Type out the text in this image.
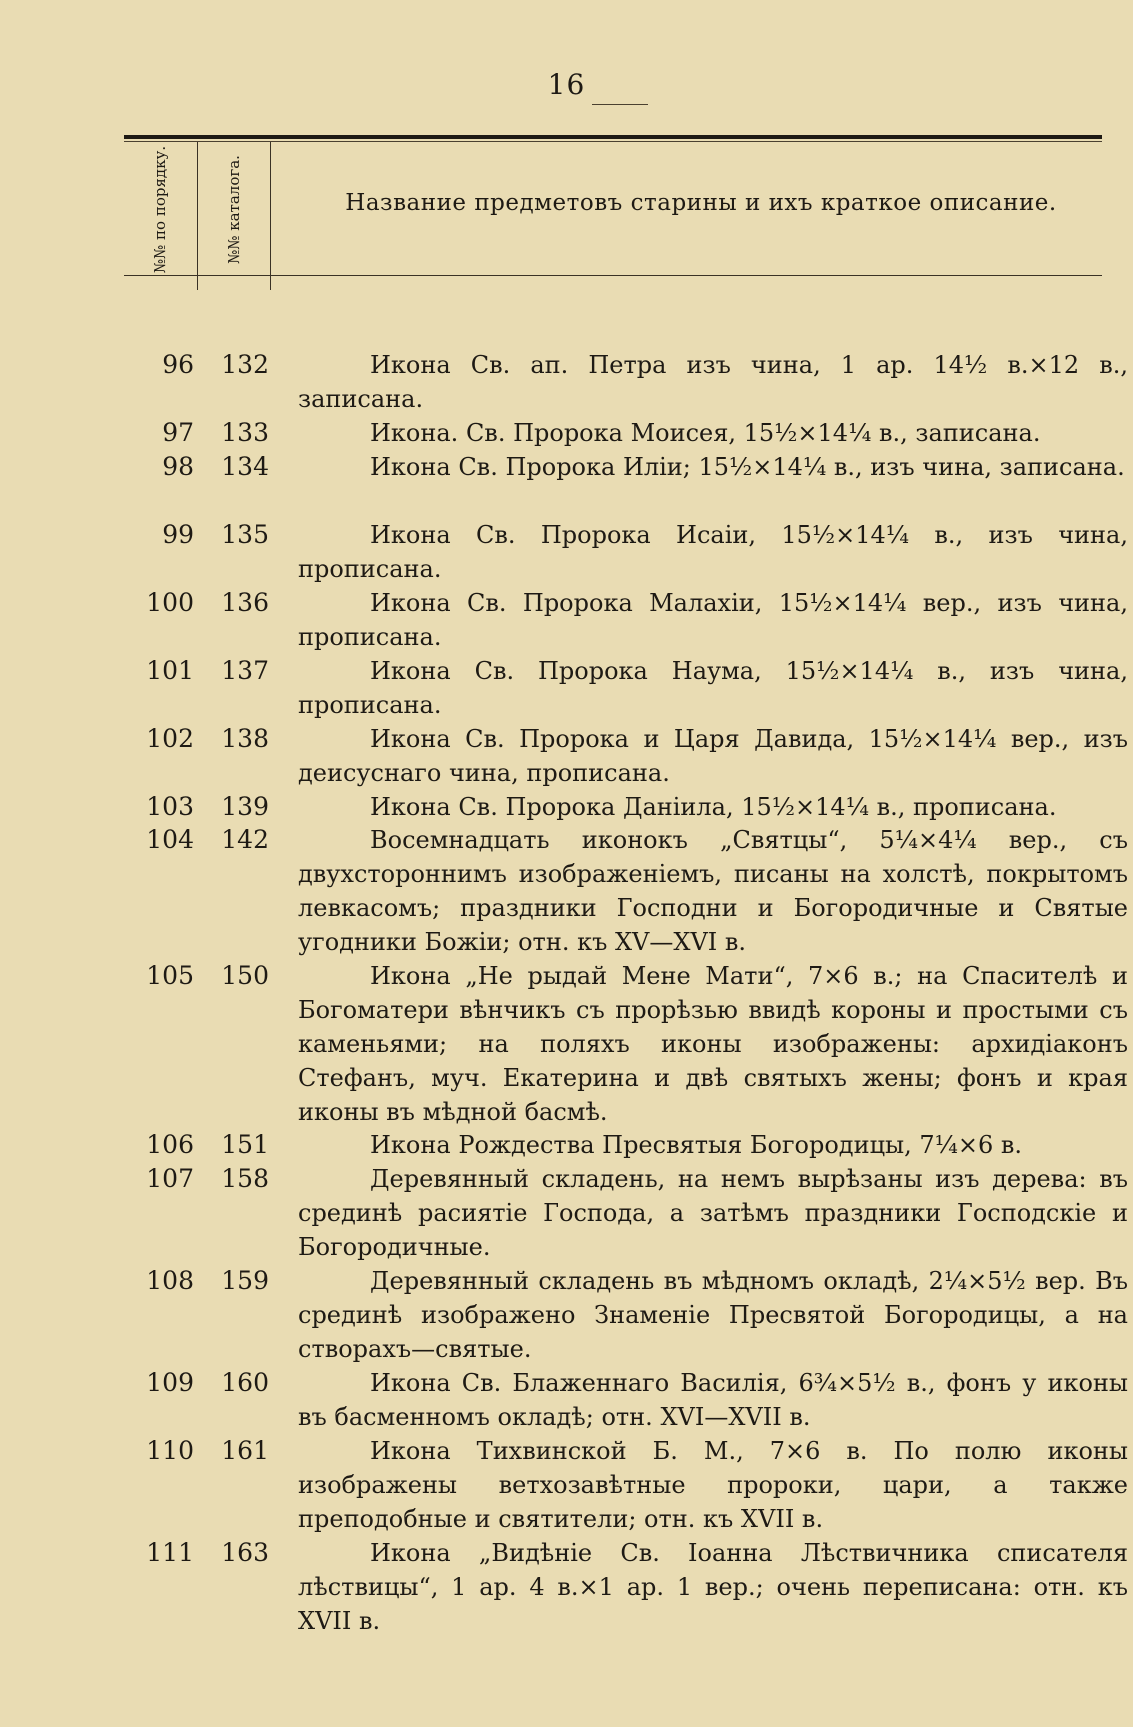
16
№№ по порядку.	№№ каталога.	Название предметовъ старины и ихъ краткое описание.
96	132	Икона Св. ап. Петра изъ чина, 1 ар. 14½ в.×12 в., записана.
97	133	Икона. Св. Пророка Моисея, 15½×14¼ в., записана.
98	134	Икона Св. Пророка Илiи; 15½×14¼ в., изъ чина, записана.
99	135	Икона Св. Пророка Исаiи, 15½×14¼ в., изъ чина, прописана.
100	136	Икона Св. Пророка Малахiи, 15½×14¼ вер., изъ чина, прописана.
101	137	Икона Св. Пророка Наума, 15½×14¼ в., изъ чина, прописана.
102	138	Икона Св. Пророка и Царя Давида, 15½×14¼ вер., изъ деисуснаго чина, прописана.
103	139	Икона Св. Пророка Данiила, 15½×14¼ в., прописана.
104	142	Восемнадцать иконокъ „Святцы“, 5¼×4¼ вер., съ двухстороннимъ изображенiемъ, писаны на холстѣ, покрытомъ левкасомъ; праздники Господни и Богородичные и Святые угодники Божiи; отн. къ XV—XVI в.
105	150	Икона „Не рыдай Мене Мати“, 7×6 в.; на Спасителѣ и Богоматери вѣнчикъ съ прорѣзью ввидѣ короны и простыми съ каменьями; на поляхъ иконы изображены: архидiаконъ Стефанъ, муч. Екатерина и двѣ святыхъ жены; фонъ и края иконы въ мѣдной басмѣ.
106	151	Икона Рождества Пресвятыя Богородицы, 7¼×6 в.
107	158	Деревянный складень, на немъ вырѣзаны изъ дерева: въ срединѣ расиятiе Господа, а затѣмъ праздники Господскiе и Богородичные.
108	159	Деревянный складень въ мѣдномъ окладѣ, 2¼×5½ вер. Въ срединѣ изображено Знаменiе Пресвятой Богородицы, а на створахъ—святые.
109	160	Икона Св. Блаженнаго Василiя, 6¾×5½ в., фонъ у иконы въ басменномъ окладѣ; отн. XVI—XVII в.
110	161	Икона Тихвинской Б. М., 7×6 в. По полю иконы изображены ветхозавѣтные пророки, цари, а также преподобные и святители; отн. къ XVII в.
111	163	Икона „Видѣнiе Св. Iоанна Лѣствичника списателя лѣствицы“, 1 ар. 4 в.×1 ар. 1 вер.; очень переписана: отн. къ XVII в.
